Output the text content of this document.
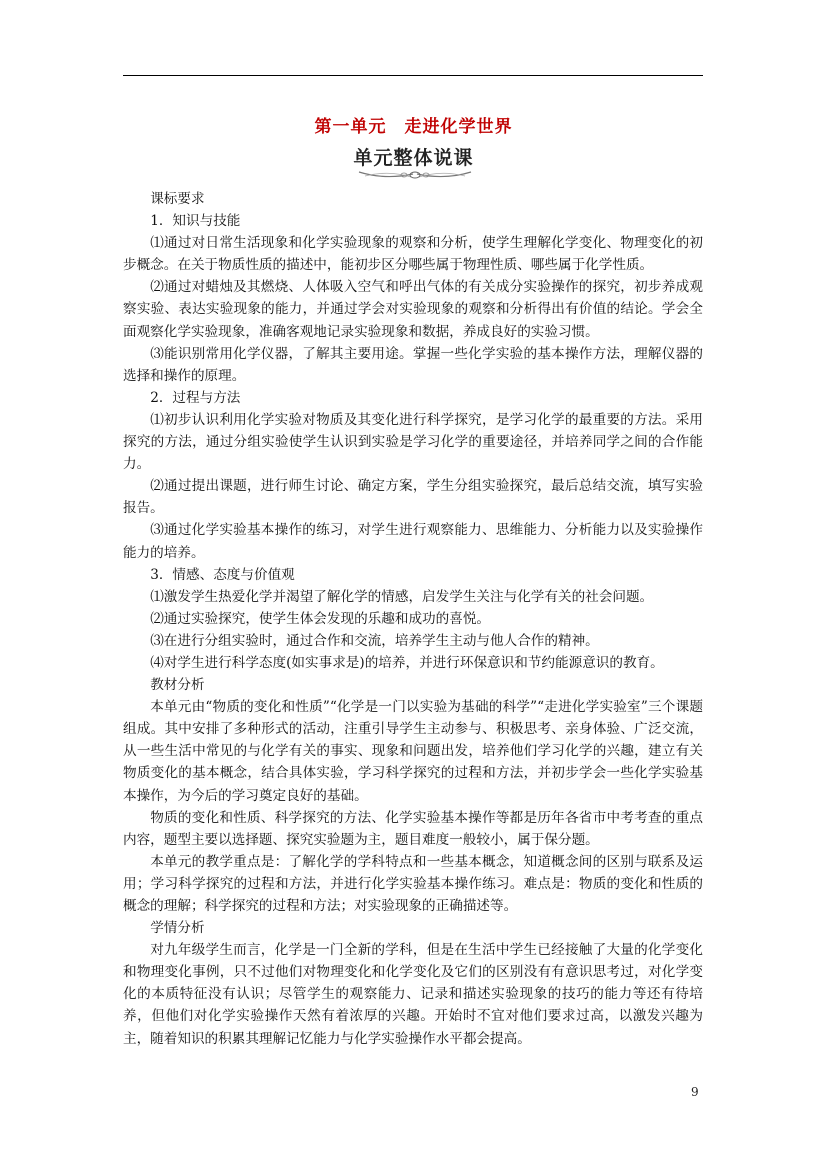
第一单元 走进化学世界
单元整体说课

课标要求

1．知识与技能

⑴通过对日常生活现象和化学实验现象的观察和分析，使学生理解化学变化、物理变化的初步概念。在关于物质性质的描述中，能初步区分哪些属于物理性质、哪些属于化学性质。

⑵通过对蜡烛及其燃烧、人体吸入空气和呼出气体的有关成分实验操作的探究，初步养成观察实验、表达实验现象的能力，并通过学会对实验现象的观察和分析得出有价值的结论。学会全面观察化学实验现象，准确客观地记录实验现象和数据，养成良好的实验习惯。

⑶能识别常用化学仪器，了解其主要用途。掌握一些化学实验的基本操作方法，理解仪器的选择和操作的原理。

2．过程与方法

⑴初步认识利用化学实验对物质及其变化进行科学探究，是学习化学的最重要的方法。采用探究的方法，通过分组实验使学生认识到实验是学习化学的重要途径，并培养同学之间的合作能力。

⑵通过提出课题，进行师生讨论、确定方案，学生分组实验探究，最后总结交流，填写实验报告。

⑶通过化学实验基本操作的练习，对学生进行观察能力、思维能力、分析能力以及实验操作能力的培养。

3．情感、态度与价值观

⑴激发学生热爱化学并渴望了解化学的情感，启发学生关注与化学有关的社会问题。

⑵通过实验探究，使学生体会发现的乐趣和成功的喜悦。

⑶在进行分组实验时，通过合作和交流，培养学生主动与他人合作的精神。

⑷对学生进行科学态度(如实事求是)的培养，并进行环保意识和节约能源意识的教育。

教材分析

本单元由“物质的变化和性质”“化学是一门以实验为基础的科学”“走进化学实验室”三个课题组成。其中安排了多种形式的活动，注重引导学生主动参与、积极思考、亲身体验、广泛交流，从一些生活中常见的与化学有关的事实、现象和问题出发，培养他们学习化学的兴趣，建立有关物质变化的基本概念，结合具体实验，学习科学探究的过程和方法，并初步学会一些化学实验基本操作，为今后的学习奠定良好的基础。

物质的变化和性质、科学探究的方法、化学实验基本操作等都是历年各省市中考考查的重点内容，题型主要以选择题、探究实验题为主，题目难度一般较小，属于保分题。

本单元的教学重点是：了解化学的学科特点和一些基本概念，知道概念间的区别与联系及运用；学习科学探究的过程和方法，并进行化学实验基本操作练习。难点是：物质的变化和性质的概念的理解；科学探究的过程和方法；对实验现象的正确描述等。

学情分析

对九年级学生而言，化学是一门全新的学科，但是在生活中学生已经接触了大量的化学变化和物理变化事例，只不过他们对物理变化和化学变化及它们的区别没有有意识思考过，对化学变化的本质特征没有认识；尽管学生的观察能力、记录和描述实验现象的技巧的能力等还有待培养，但他们对化学实验操作天然有着浓厚的兴趣。开始时不宜对他们要求过高，以激发兴趣为主，随着知识的积累其理解记忆能力与化学实验操作水平都会提高。

9
